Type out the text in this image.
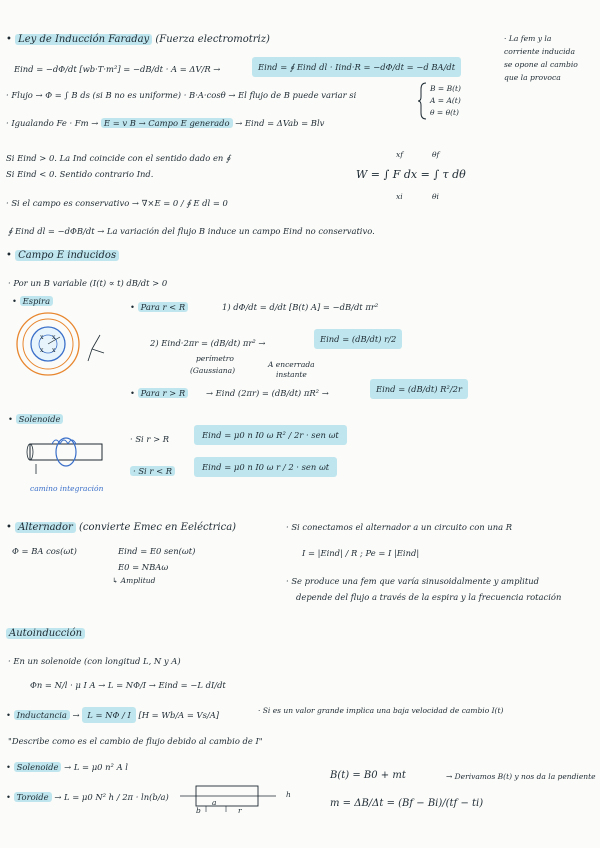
• Ley de Inducción Faraday (Fuerza electromotriz)
Eind = −dΦ/dt [wb·T·m²] = −dB/dt · A = ΔV/R →	Eind = ∮ Eind dl · Iind·R = −dΦ/dt = −d BA/dt
· La fem y la
corriente inducida
se opone al cambio
que la provoca
· Flujo → Φ = ∫ B ds (si B no es uniforme) · B·A·cosθ → El flujo de B puede variar si
B = B(t)
A = A(t)
θ = θ(t)
· Igualando Fe · Fm → E = v B → Campo E generado → Eind = ΔVab = Blv
Si Eind > 0. La Ind coincide con el sentido dado en ∮
Si Eind < 0. Sentido contrario Ind.	W = ∫ F dx = ∫ τ dθ
xf
xi
θf
θi
· Si el campo es conservativo → ∇×E = 0 / ∮ E dl = 0
∮ Eind dl = −dΦB/dt → La variación del flujo B induce un campo Eind no conservativo.
• Campo E inducidos
· Por un B variable (I(t) ∝ t) dB/dt > 0
• Espira
x x
x x
• Para r < R	1) dΦ/dt = d/dt [B(t) A] = −dB/dt πr²
2) Eind·2πr = (dB/dt) πr² →	Eind = (dB/dt) r/2
perímetro
(Gaussiana)
A encerrada
instante
• Para r > R	→ Eind (2πr) = (dB/dt) πR² →	Eind = (dB/dt) R²/2r
• Solenoide
camino integración
· Si r > R	Eind = μ0 n I0 ω R² / 2r · sen ωt
· Si r < R	Eind = μ0 n I0 ω r / 2 · sen ωt
• Alternador (convierte Emec en Eeléctrica)
Φ = BA cos(ωt)	Eind = E0 sen(ωt)
E0 = NBAω
↳ Amplitud
· Si conectamos el alternador a un circuito con una R
I = |Eind| / R ; Pe = I |Eind|
· Se produce una fem que varía sinusoidalmente y amplitud
depende del flujo a través de la espira y la frecuencia rotación
Autoinducción
· En un solenoide (con longitud L, N y A)
Φn = N/l · μ I A → L = NΦ/I → Eind = −L dI/dt
• Inductancia → L = NΦ / I [H = Wb/A = Vs/A]	· Si es un valor grande implica una baja velocidad de cambio I(t)
"Describe como es el cambio de flujo debido al cambio de I"
• Solenoide → L = μ0 n² A l
• Toroide → L = μ0 N² h / 2π · ln(b/a)
a
b	r
h
B(t) = B0 + mt	→ Derivamos B(t) y nos da la pendiente
m = ΔB/Δt = (Bf − Bi)/(tf − ti)
